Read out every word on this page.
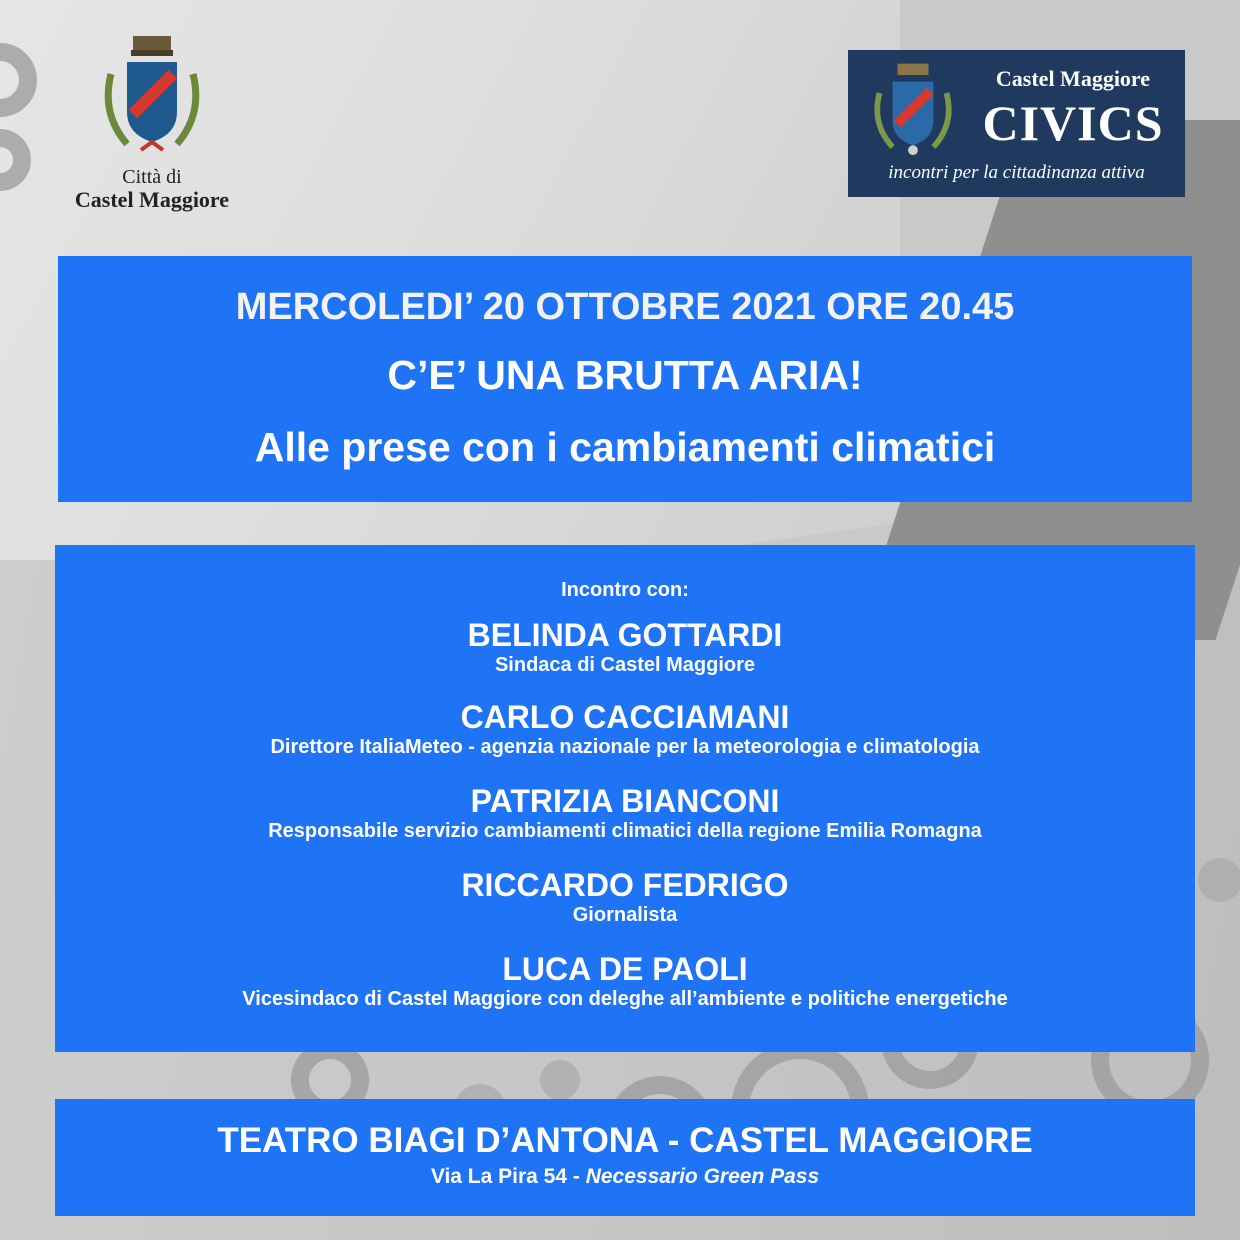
Città di
Castel Maggiore
Castel Maggiore
CIVICS
incontri per la cittadinanza attiva
MERCOLEDI’ 20 OTTOBRE 2021 ORE 20.45
C’E’ UNA BRUTTA ARIA!
Alle prese con i cambiamenti climatici
Incontro con:
BELINDA GOTTARDI
Sindaca di Castel Maggiore
CARLO CACCIAMANI
Direttore ItaliaMeteo - agenzia nazionale per la meteorologia e climatologia
PATRIZIA BIANCONI
Responsabile servizio cambiamenti climatici della regione Emilia Romagna
RICCARDO FEDRIGO
Giornalista
LUCA DE PAOLI
Vicesindaco di Castel Maggiore con deleghe all’ambiente e politiche energetiche
TEATRO BIAGI D’ANTONA - CASTEL MAGGIORE
Via La Pira 54 - Necessario Green Pass
